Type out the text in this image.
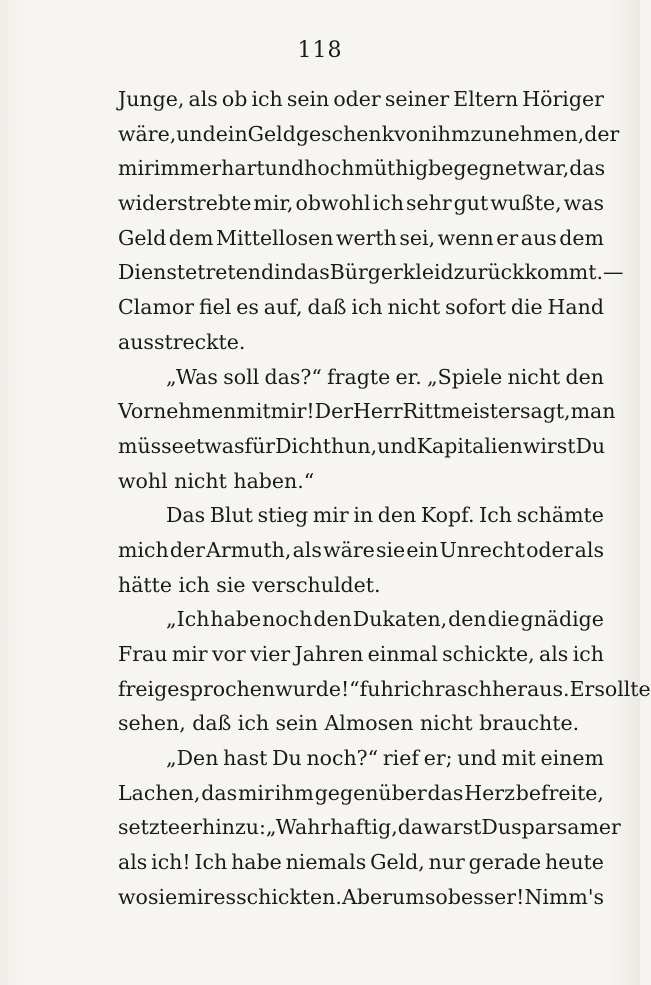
118
Junge, als ob ich sein oder seiner Eltern Höriger
wäre, und ein Geldgeschenk von ihm zu nehmen, der
mir immer hart und hochmüthig begegnet war, das
widerstrebte mir, obwohl ich sehr gut wußte, was
Geld dem Mittellosen werth sei, wenn er aus dem
Dienste tretend in das Bürgerkleid zurückkommt. —
Clamor fiel es auf, daß ich nicht sofort die Hand
ausstreckte.
„Was soll das?“ fragte er. „Spiele nicht den
Vornehmen mit mir! Der Herr Rittmeister sagt, man
müsse etwas für Dich thun, und Kapitalien wirst Du
wohl nicht haben.“
Das Blut stieg mir in den Kopf. Ich schämte
mich der Armuth, als wäre sie ein Unrecht oder als
hätte ich sie verschuldet.
„Ich habe noch den Dukaten, den die gnädige
Frau mir vor vier Jahren einmal schickte, als ich
freigesprochen wurde!“ fuhr ich rasch heraus. Er sollte
sehen, daß ich sein Almosen nicht brauchte.
„Den hast Du noch?“ rief er; und mit einem
Lachen, das mir ihm gegenüber das Herz befreite,
setzte er hinzu: „Wahrhaftig, da warst Du sparsamer
als ich! Ich habe niemals Geld, nur gerade heute
wo sie mir es schickten. Aber um so besser! Nimm's
